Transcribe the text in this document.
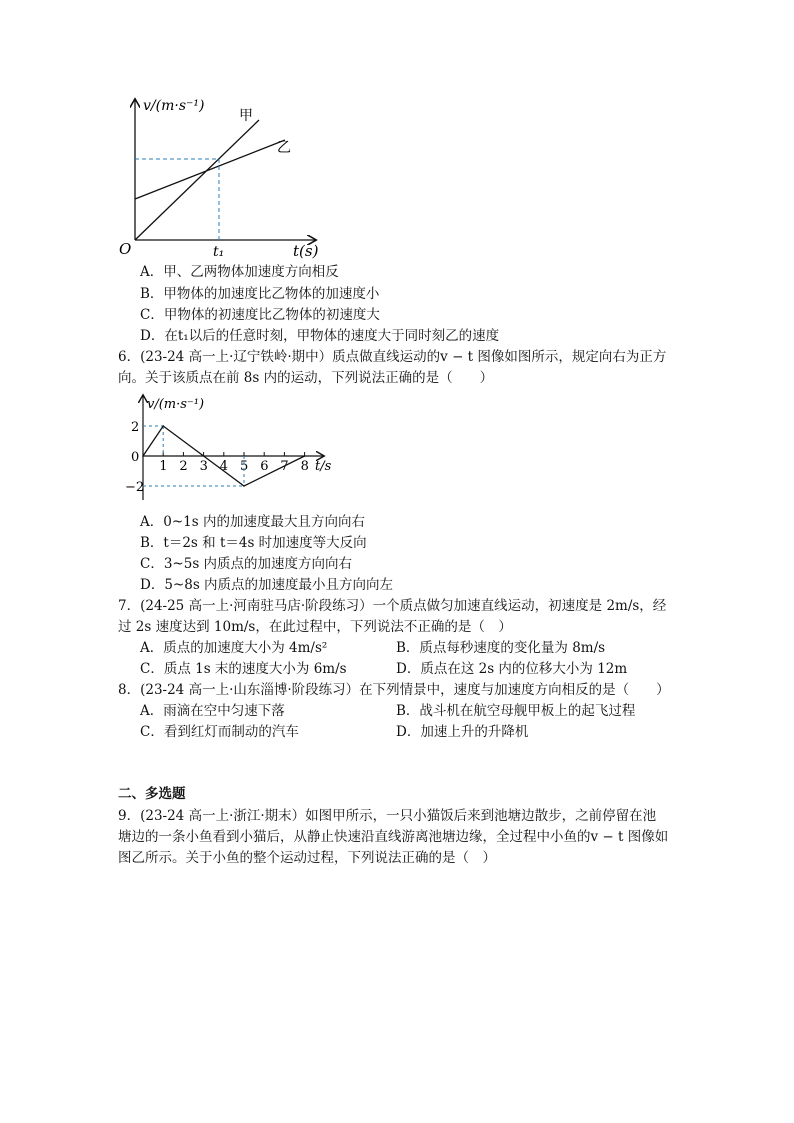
v/(m·s⁻¹)
t(s)
O	t₁
甲
乙
A．甲、乙两物体加速度方向相反
B．甲物体的加速度比乙物体的加速度小
C．甲物体的初速度比乙物体的初速度大
D．在t₁以后的任意时刻，甲物体的速度大于同时刻乙的速度
6．(23-24 高一上·辽宁铁岭·期中）质点做直线运动的v − t 图像如图所示，规定向右为正方
向。关于该质点在前 8s 内的运动，下列说法正确的是（　　）
1 2 3 4 5 6 7 8
2
0
−2
v/(m·s⁻¹)
t/s
A．0~1s 内的加速度最大且方向向右
B．t＝2s 和 t＝4s 时加速度等大反向
C．3~5s 内质点的加速度方向向右
D．5~8s 内质点的加速度最小且方向向左
7．(24-25 高一上·河南驻马店·阶段练习）一个质点做匀加速直线运动，初速度是 2m/s，经
过 2s 速度达到 10m/s，在此过程中，下列说法不正确的是（　）
A．质点的加速度大小为 4m/s²	B．质点每秒速度的变化量为 8m/s
C．质点 1s 末的速度大小为 6m/s	D．质点在这 2s 内的位移大小为 12m
8．(23-24 高一上·山东淄博·阶段练习）在下列情景中，速度与加速度方向相反的是（　　）
A．雨滴在空中匀速下落	B．战斗机在航空母舰甲板上的起飞过程
C．看到红灯而制动的汽车	D．加速上升的升降机
二、多选题
9．(23-24 高一上·浙江·期末）如图甲所示，一只小猫饭后来到池塘边散步，之前停留在池
塘边的一条小鱼看到小猫后，从静止快速沿直线游离池塘边缘，全过程中小鱼的v − t 图像如
图乙所示。关于小鱼的整个运动过程，下列说法正确的是（　）
